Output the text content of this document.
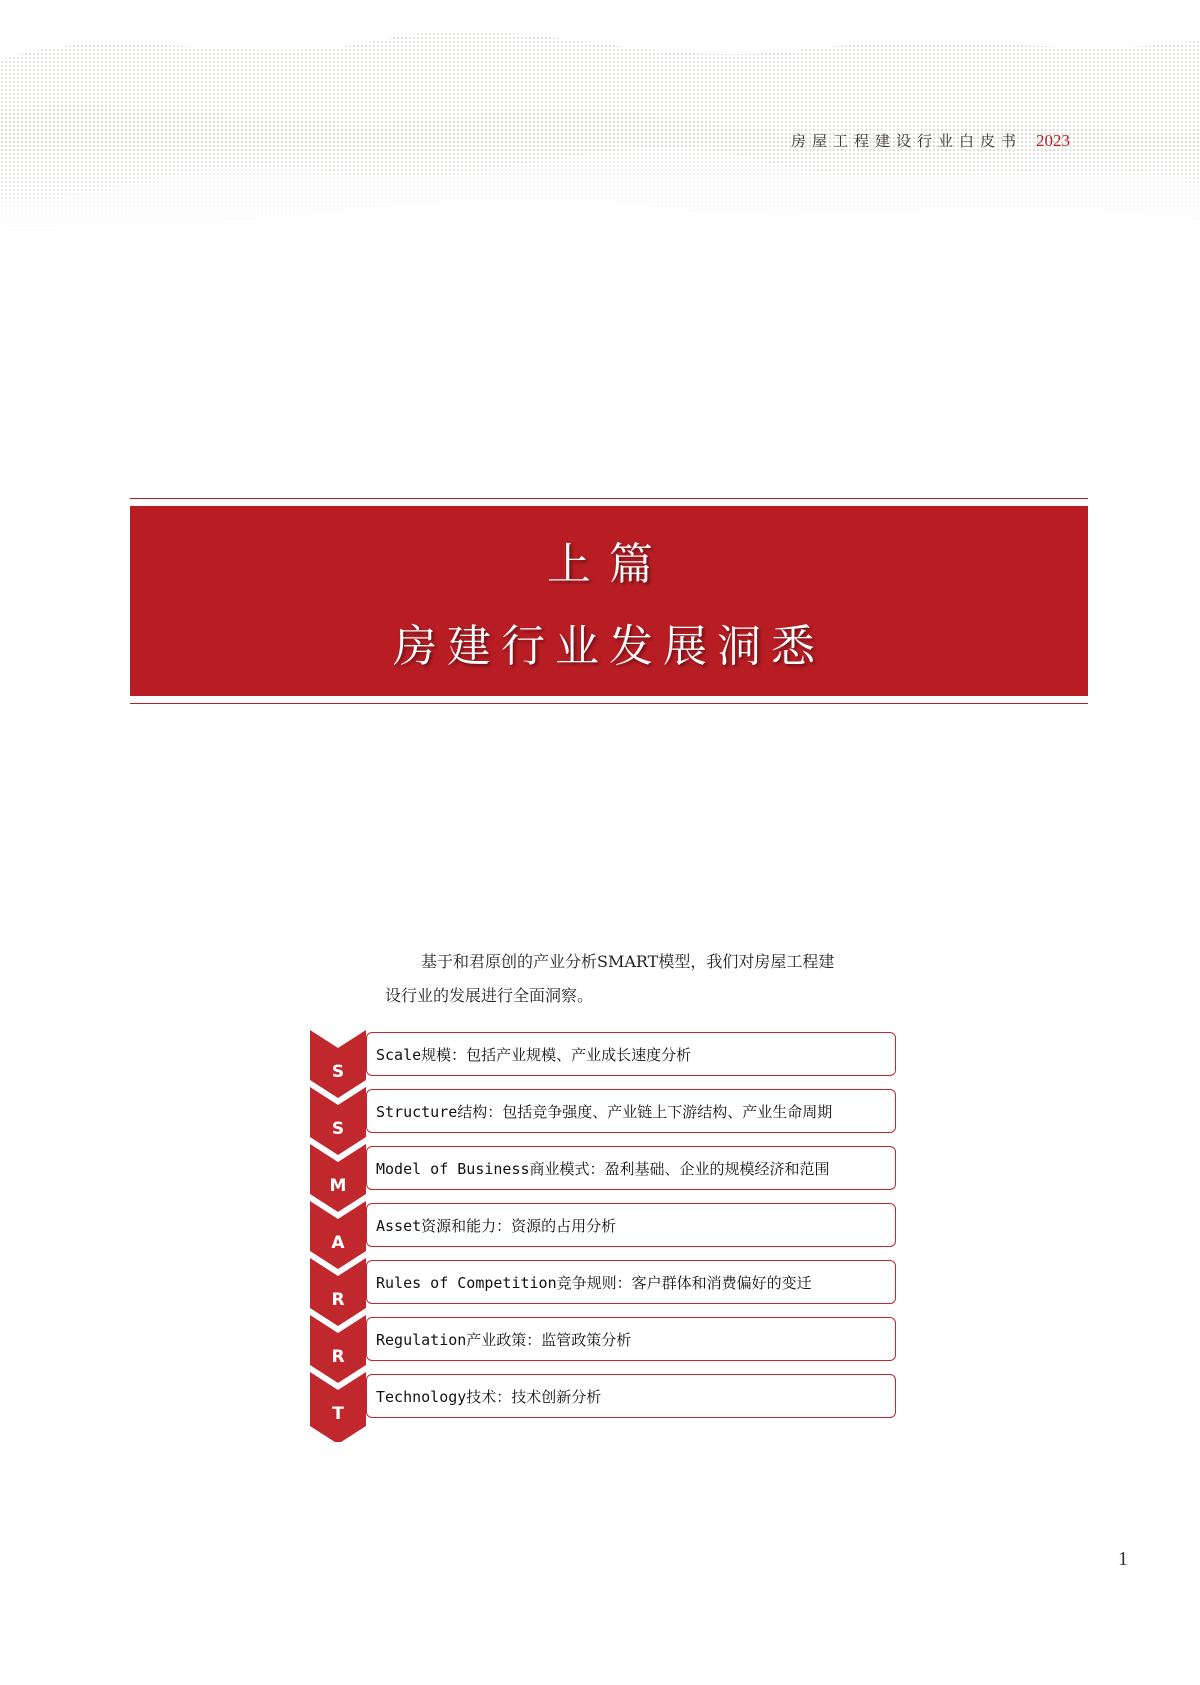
房屋工程建设行业白皮书 2023
上篇
房建行业发展洞悉
基于和君原创的产业分析SMART模型，我们对房屋工程建设行业的发展进行全面洞察。
S
Scale规模：包括产业规模、产业成长速度分析
S
Structure结构：包括竞争强度、产业链上下游结构、产业生命周期
M
Model of Business商业模式：盈利基础、企业的规模经济和范围
A
Asset资源和能力：资源的占用分析
R
Rules of Competition竞争规则：客户群体和消费偏好的变迁
R
Regulation产业政策：监管政策分析
T
Technology技术：技术创新分析
1
